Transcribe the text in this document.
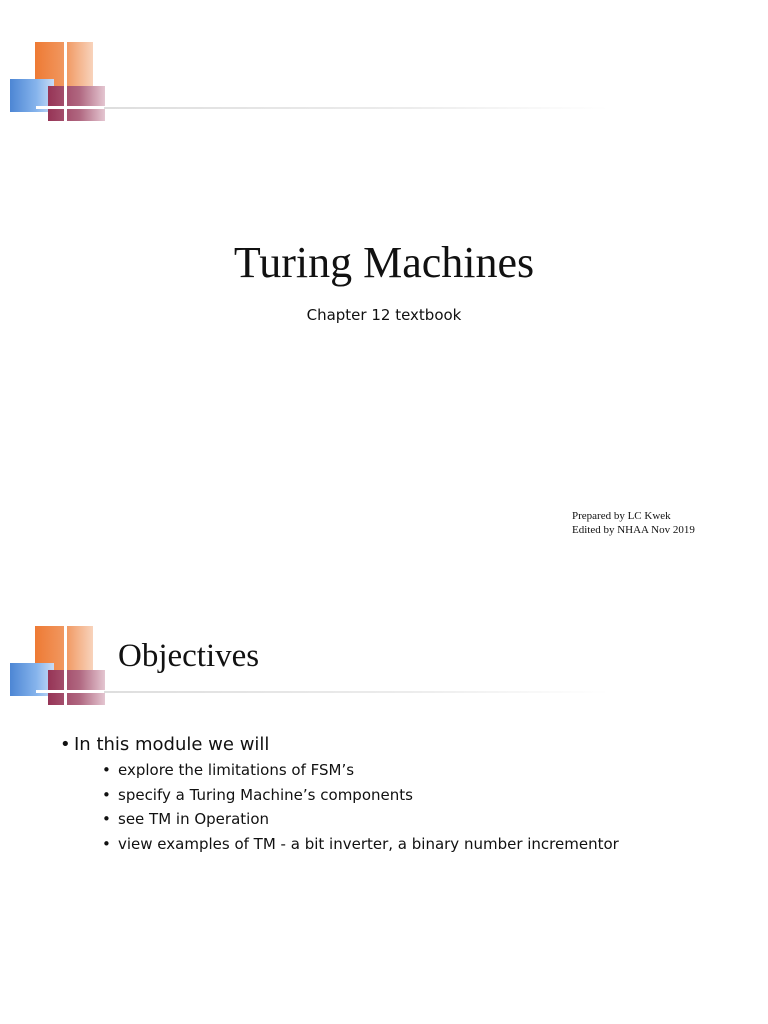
Turing Machines
Chapter 12 textbook
Prepared by LC Kwek
Edited by NHAA Nov 2019
Objectives
• In this module we will
• explore the limitations of FSM’s
• specify a Turing Machine’s components
• see TM in Operation
• view examples of TM - a bit inverter, a binary number incrementor
